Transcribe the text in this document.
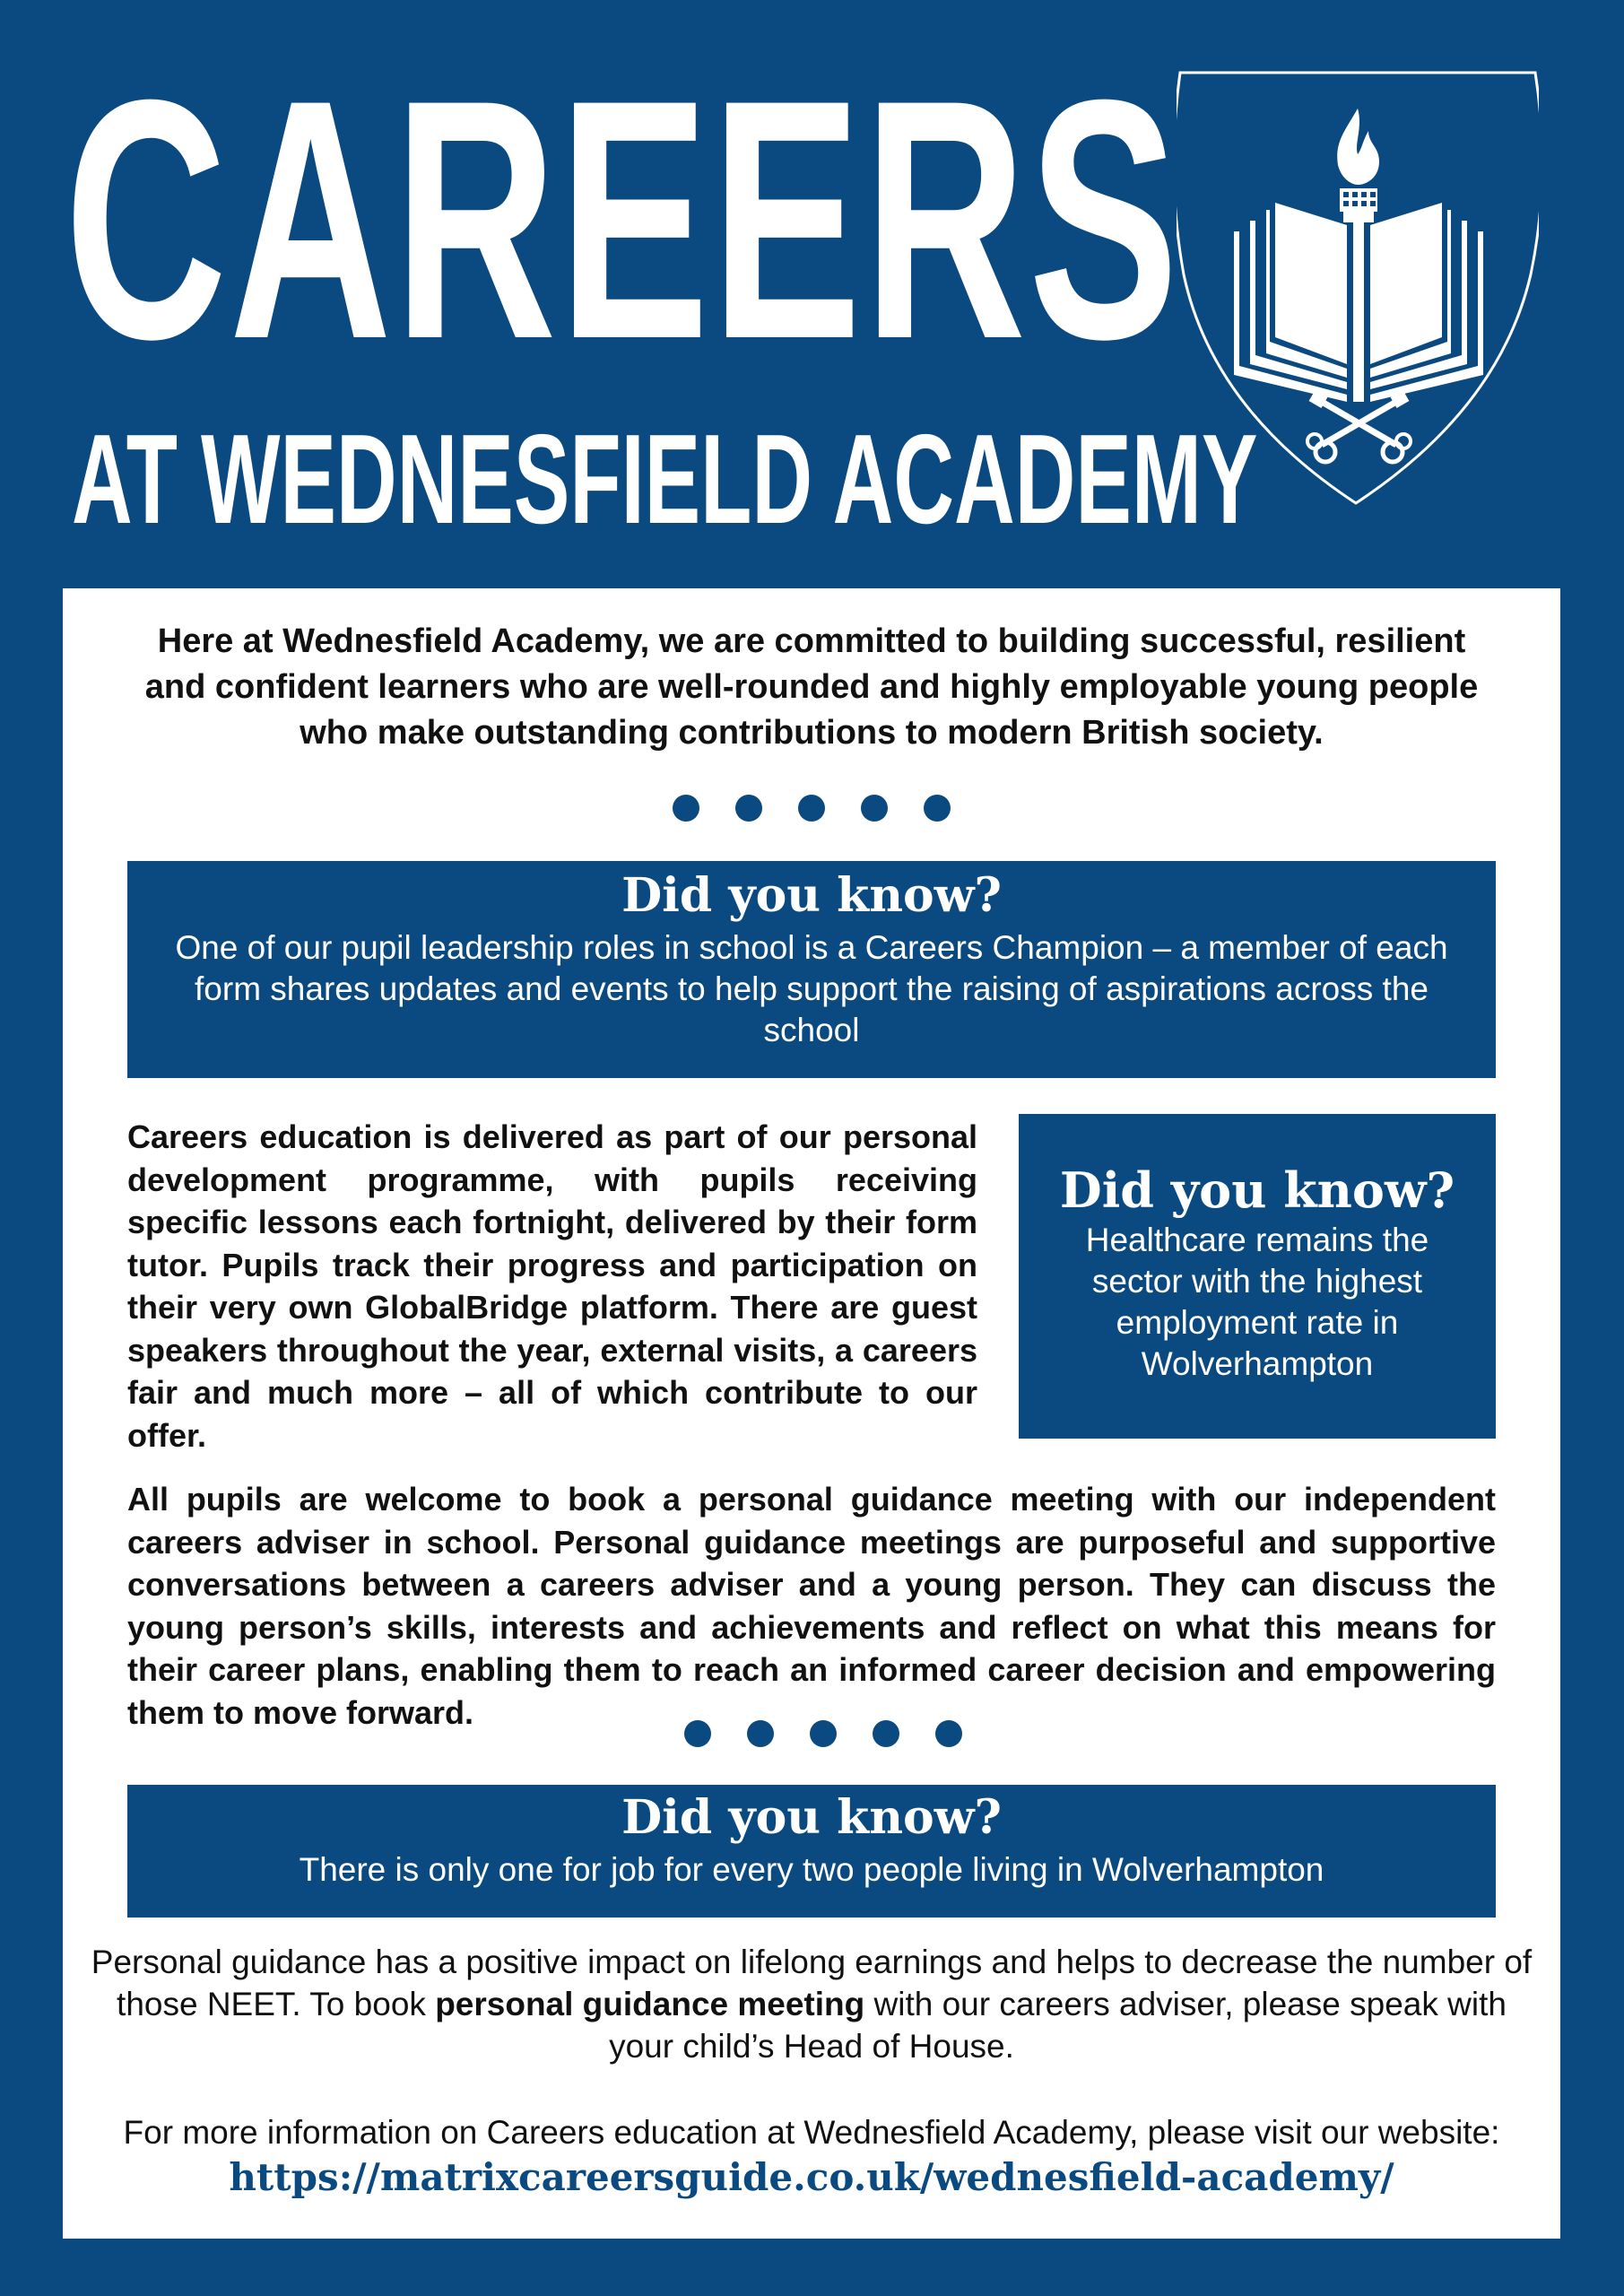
CAREERS
AT WEDNESFIELD ACADEMY
Here at Wednesfield Academy, we are committed to building successful, resilient and confident learners who are well-rounded and highly employable young people who make outstanding contributions to modern British society.
Did you know?
One of our pupil leadership roles in school is a Careers Champion – a member of each form shares updates and events to help support the raising of aspirations across the school
Careers education is delivered as part of our personal development programme, with pupils receiving specific lessons each fortnight, delivered by their form tutor. Pupils track their progress and participation on their very own GlobalBridge platform. There are guest speakers throughout the year, external visits, a careers fair and much more – all of which contribute to our offer.
Did you know?
Healthcare remains the sector with the highest employment rate in Wolverhampton
All pupils are welcome to book a personal guidance meeting with our independent careers adviser in school. Personal guidance meetings are purposeful and supportive conversations between a careers adviser and a young person. They can discuss the young person’s skills, interests and achievements and reflect on what this means for their career plans, enabling them to reach an informed career decision and empowering them to move forward.
Did you know?
There is only one for job for every two people living in Wolverhampton
Personal guidance has a positive impact on lifelong earnings and helps to decrease the number of those NEET. To book personal guidance meeting with our careers adviser, please speak with your child’s Head of House.
For more information on Careers education at Wednesfield Academy, please visit our website:
https://matrixcareersguide.co.uk/wednesfield-academy/
